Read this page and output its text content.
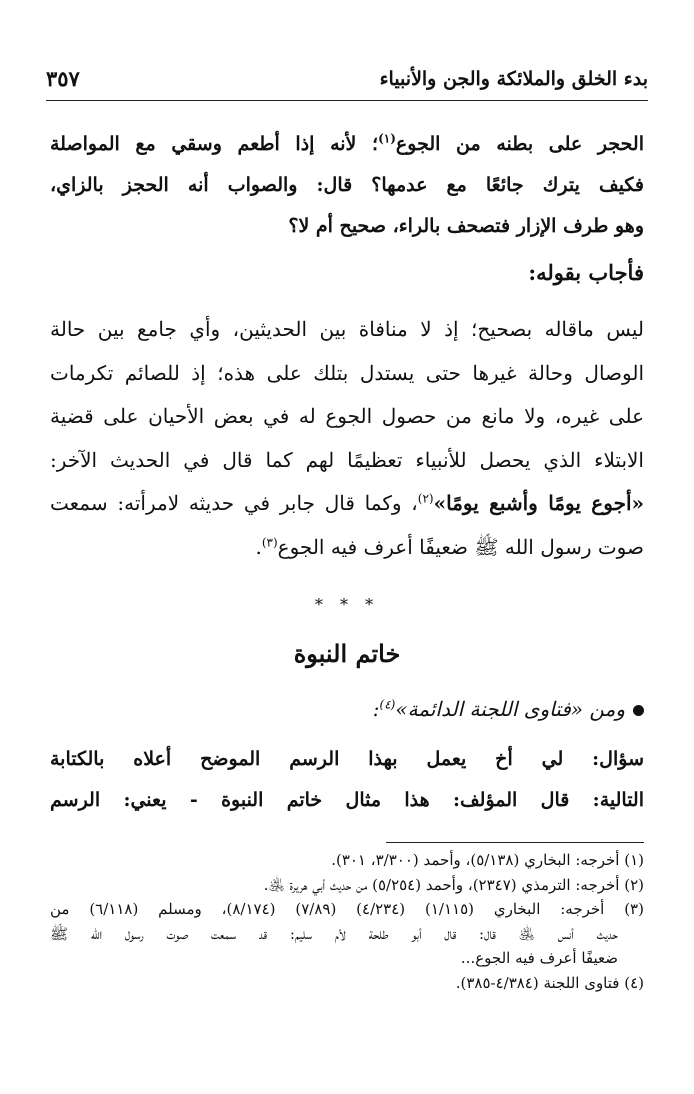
بدء الخلق والملائكة والجن والأنبياء
٣٥٧
الحجر على بطنه من الجوع$^{(١)}$؛ لأنه إذا أطعم وسقي مع المواصلة
فكيف يترك جائعًا مع عدمها؟ قال: والصواب أنه الحجز بالزاي،
وهو طرف الإزار فتصحف بالراء، صحيح أم لا؟
فأجاب بقوله:
ليس ماقاله بصحيح؛ إذ لا منافاة بين الحديثين، وأي جامع بين حالة
الوصال وحالة غيرها حتى يستدل بتلك على هذه؛ إذ للصائم تكرمات
على غيره، ولا مانع من حصول الجوع له في بعض الأحيان على قضية
الابتلاء الذي يحصل للأنبياء تعظيمًا لهم كما قال في الحديث الآخر:
«أجوع يومًا وأشبع يومًا»$^{(٢)}$، وكما قال جابر في حديثه لامرأته: سمعت
صوت رسول الله ﷺ ضعيفًا أعرف فيه الجوع$^{(٣)}$.
* * *
خاتم النبوة
ومن «فتاوى اللجنة الدائمة»$^{(٤)}$:
سؤال: لي أخ يعمل بهذا الرسم الموضح أعلاه بالكتابة
التالية: قال المؤلف: هذا مثال خاتم النبوة - يعني: الرسم
(١) أخرجه: البخاري (٥/١٣٨)، وأحمد (٣/٣٠٠، ٣٠١).
(٢) أخرجه: الترمذي (٢٣٤٧)، وأحمد (٥/٢٥٤) من حديث أبي هريرة ﵁.
(٣) أخرجه: البخاري (١/١١٥) (٤/٢٣٤) (٧/٨٩) (٨/١٧٤)، ومسلم (٦/١١٨) من
حديث أنس ﵁ قال: قال أبو طلحة لأم سليم: قد سمعت صوت رسول الله ﷺ
ضعيفًا أعرف فيه الجوع...
(٤) فتاوى اللجنة (٤/٣٨٤-٣٨٥).
